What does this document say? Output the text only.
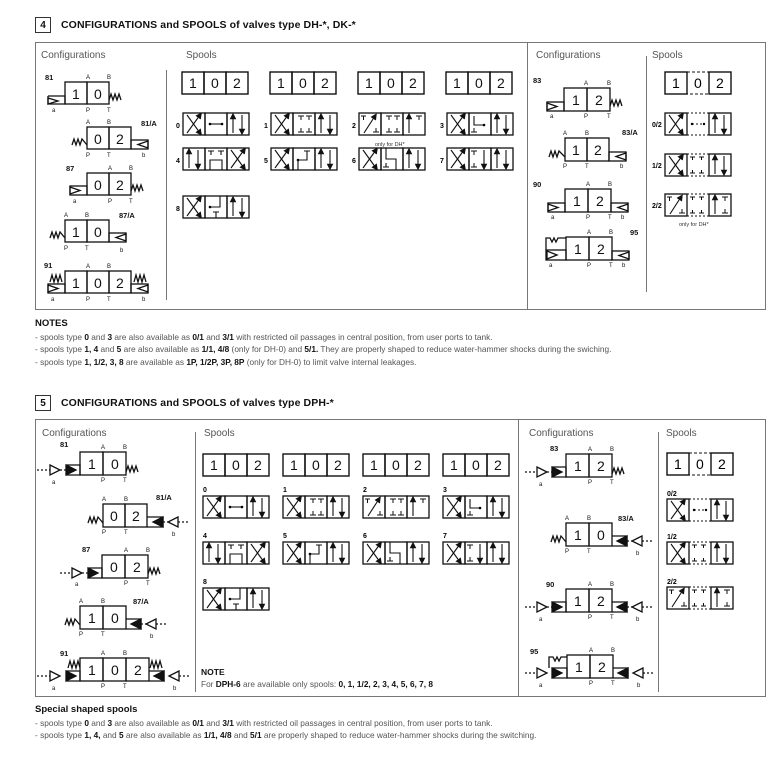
4	CONFIGURATIONS and SPOOLS of valves type DH-*, DK-*
Configurations	Spools	Configurations	Spools
81
1 0
A	B
P	T
a
81/A
0 2
A	B
P	T	b
87
0 2
A	B
P	T
a
87/A
1 0
A	B
P	T	b
91
1 0 2
A	B
P	T
a	b
1	0	2
0	1	2
only for DH*
3
4	5	6	7
8
83
1 2
A	B
P	T
a
83/A
1 2
A	B
P	T	b
90
1 2
A	B
P	T
a	b
95
1 2
A	B
P	T
a	b
1 0 2
0/2
1/2
2/2
only for DH*
NOTES
- spools type 0 and 3 are also available as 0/1 and 3/1 with restricted oil passages in central position, from user ports to tank.
- spools type 1, 4 and 5 are also available as 1/1, 4/8 (only for DH-0) and 5/1. They are properly shaped to reduce water-hammer shocks during the swiching.
- spools type 1, 1/2, 3, 8 are available as 1P, 1/2P, 3P, 8P (only for DH-0) to limit valve internal leakages.
5	CONFIGURATIONS and SPOOLS of valves type DPH-*
Configurations	Spools	Configurations	Spools
81
1 0
A	B
P	T
a
81/A
0 2
A	B
P	T	b
87
0 2
A	B
P	T
a
87/A
1 0
A	B
P	T	b
91
1 0 2
A	B
P	T
a	b
0	1	2	3
4	5	6	7
8
NOTE
For DPH-6 are available only spools: 0, 1, 1/2, 2, 3, 4, 5, 6, 7, 8
83
1 2
A	B
P	T
a
83/A
1 0
A	B
P	T	b
90
1 2
A	B
P	T
a	b
95
1 2
A	B
P	T
a	b
1 0 2
0/2
1/2
2/2
Special shaped spools
- spools type 0 and 3 are also available as 0/1 and 3/1 with restricted oil passages in central position, from user ports to tank.
- spools type 1, 4, and 5 are also available as 1/1, 4/8 and 5/1 are properly shaped to reduce water-hammer shocks during the switching.
